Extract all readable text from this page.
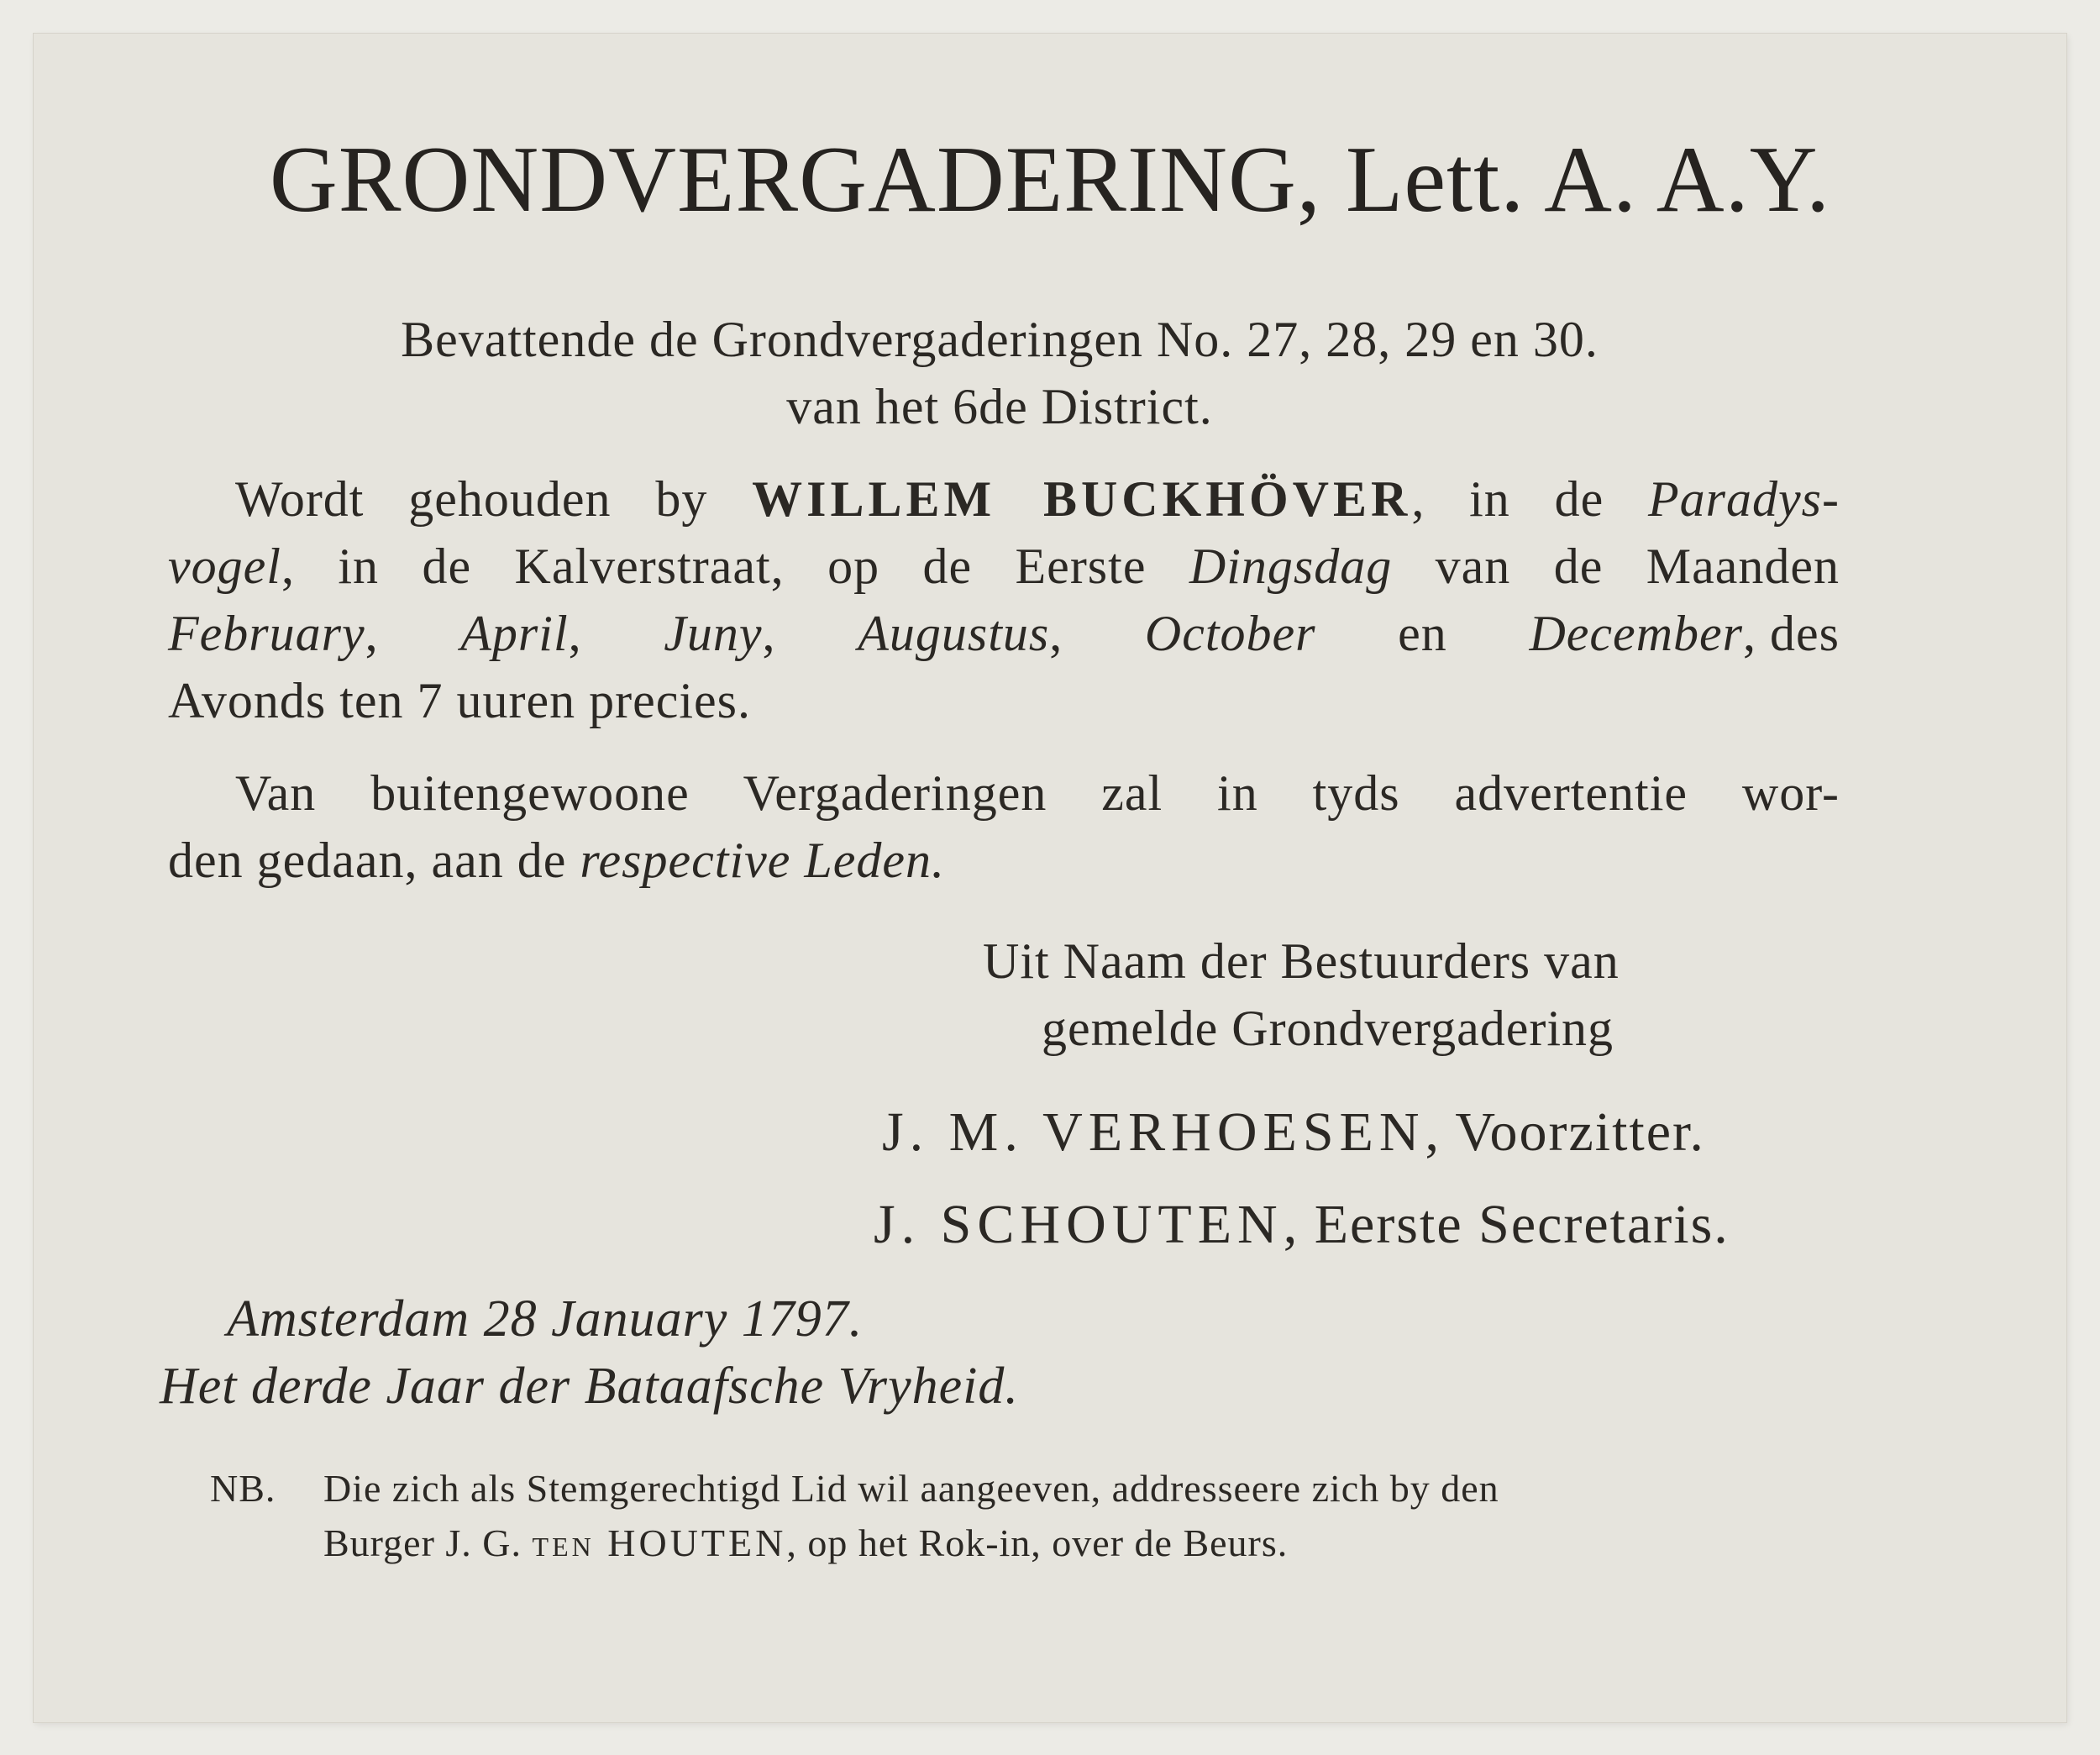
GRONDVERGADERING, Lett. A. A.Y.
Bevattende de Grondvergaderingen No. 27, 28, 29 en 30.
van het 6de District.
Wordt gehouden by WILLEM BUCKHÖVER, in de Paradys-
vogel, in de Kalverstraat, op de Eerste Dingsdag van de Maanden
February, April, Juny, Augustus, October en December, des
Avonds ten 7 uuren precies.
Van buitengewoone Vergaderingen zal in tyds advertentie wor-
den gedaan, aan de respective Leden.
Uit Naam der Bestuurders van
gemelde Grondvergadering
J. M. VERHOESEN, Voorzitter.
J. SCHOUTEN, Eerste Secretaris.
Amsterdam 28 January 1797.
Het derde Jaar der Bataafsche Vryheid.
NB. Die zich als Stemgerechtigd Lid wil aangeeven, addresseere zich by den
Burger J. G. ten HOUTEN, op het Rok-in, over de Beurs.
